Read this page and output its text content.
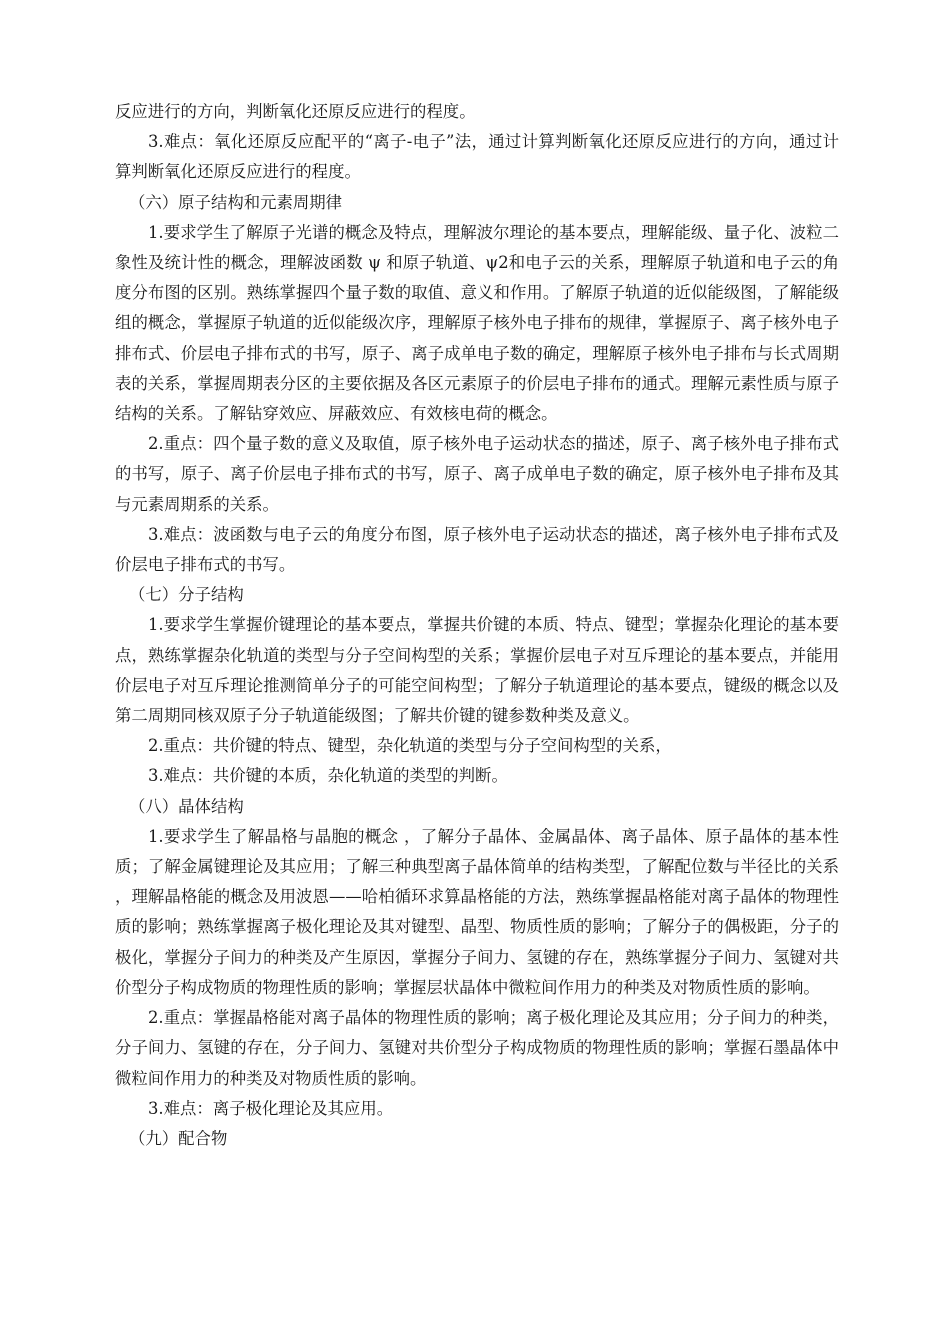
反应进行的方向，判断氧化还原反应进行的程度。

3.难点：氧化还原反应配平的“离子-电子”法，通过计算判断氧化还原反应进行的方向，通过计算判断氧化还原反应进行的程度。

（六）原子结构和元素周期律

1.要求学生了解原子光谱的概念及特点，理解波尔理论的基本要点，理解能级、量子化、波粒二象性及统计性的概念，理解波函数 ψ 和原子轨道、ψ2和电子云的关系，理解原子轨道和电子云的角度分布图的区别。熟练掌握四个量子数的取值、意义和作用。了解原子轨道的近似能级图，了解能级组的概念，掌握原子轨道的近似能级次序，理解原子核外电子排布的规律，掌握原子、离子核外电子排布式、价层电子排布式的书写，原子、离子成单电子数的确定，理解原子核外电子排布与长式周期表的关系，掌握周期表分区的主要依据及各区元素原子的价层电子排布的通式。理解元素性质与原子结构的关系。了解钻穿效应、屏蔽效应、有效核电荷的概念。

2.重点：四个量子数的意义及取值，原子核外电子运动状态的描述，原子、离子核外电子排布式的书写，原子、离子价层电子排布式的书写，原子、离子成单电子数的确定，原子核外电子排布及其与元素周期系的关系。

3.难点：波函数与电子云的角度分布图，原子核外电子运动状态的描述，离子核外电子排布式及价层电子排布式的书写。

（七）分子结构

1.要求学生掌握价键理论的基本要点，掌握共价键的本质、特点、键型；掌握杂化理论的基本要点，熟练掌握杂化轨道的类型与分子空间构型的关系；掌握价层电子对互斥理论的基本要点，并能用价层电子对互斥理论推测简单分子的可能空间构型；了解分子轨道理论的基本要点，键级的概念以及第二周期同核双原子分子轨道能级图；了解共价键的键参数种类及意义。

2.重点：共价键的特点、键型，杂化轨道的类型与分子空间构型的关系，

3.难点：共价键的本质，杂化轨道的类型的判断。

（八）晶体结构

1.要求学生了解晶格与晶胞的概念 ，了解分子晶体、金属晶体、离子晶体、原子晶体的基本性质；了解金属键理论及其应用；了解三种典型离子晶体简单的结构类型，了解配位数与半径比的关系，理解晶格能的概念及用波恩——哈柏循环求算晶格能的方法，熟练掌握晶格能对离子晶体的物理性质的影响；熟练掌握离子极化理论及其对键型、晶型、物质性质的影响；了解分子的偶极距，分子的极化，掌握分子间力的种类及产生原因，掌握分子间力、氢键的存在，熟练掌握分子间力、氢键对共价型分子构成物质的物理性质的影响；掌握层状晶体中微粒间作用力的种类及对物质性质的影响。

2.重点：掌握晶格能对离子晶体的物理性质的影响；离子极化理论及其应用；分子间力的种类，分子间力、氢键的存在，分子间力、氢键对共价型分子构成物质的物理性质的影响；掌握石墨晶体中微粒间作用力的种类及对物质性质的影响。

3.难点：离子极化理论及其应用。

（九）配合物
